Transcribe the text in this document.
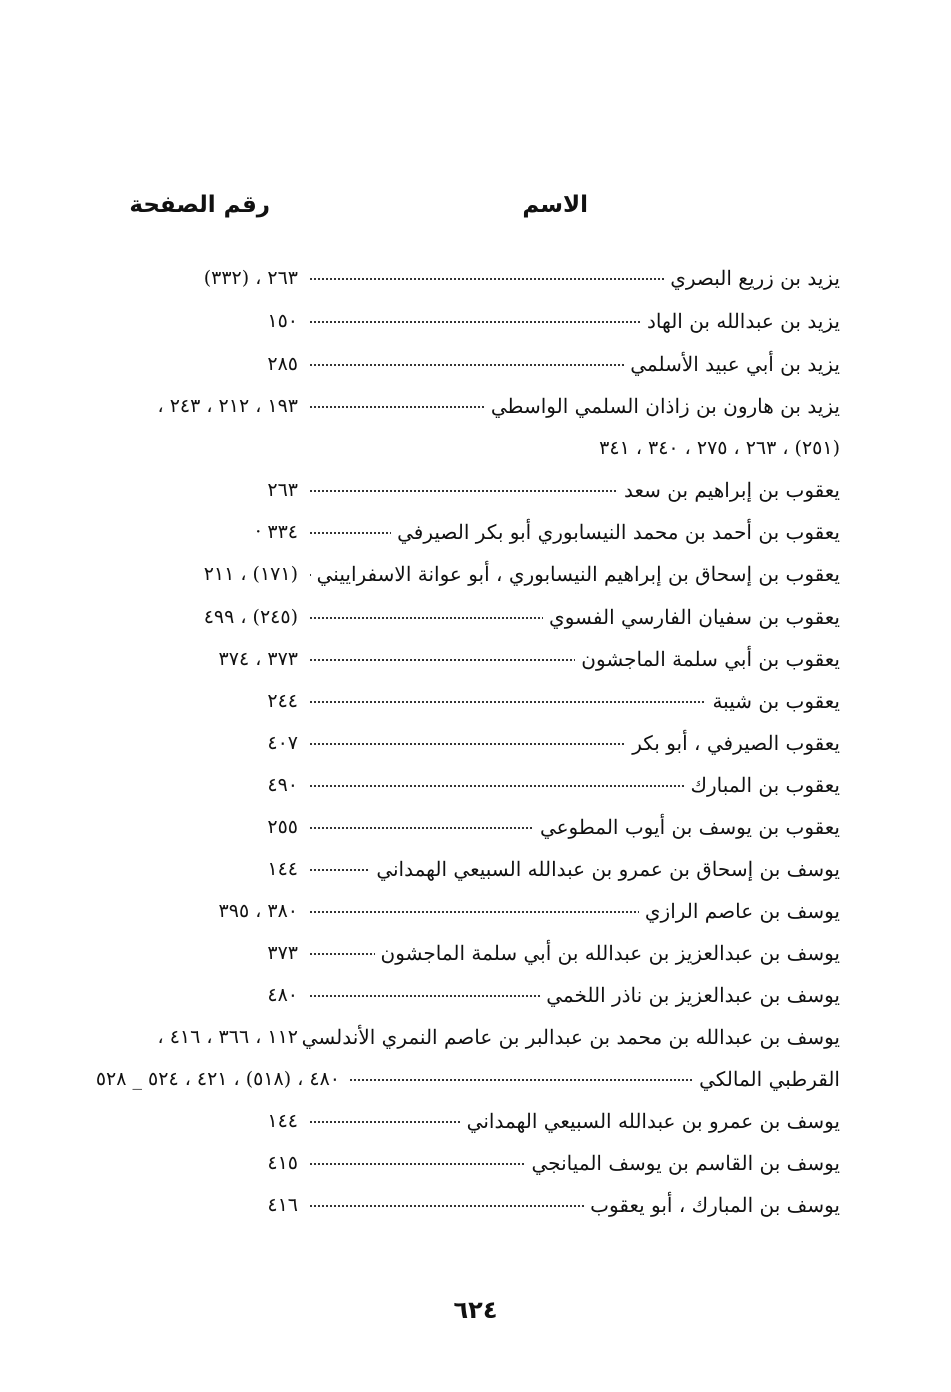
الاسم
رقم الصفحة
يزيد بن زريع البصري
٢٦٣ ، (٣٣٢)
يزيد بن عبدالله بن الهاد
١٥٠
يزيد بن أبي عبيد الأسلمي
٢٨٥
يزيد بن هارون بن زاذان السلمي الواسطي
١٩٣ ، ٢١٢ ، ٢٤٣ ،
(٢٥١) ، ٢٦٣ ، ٢٧٥ ، ٣٤٠ ، ٣٤١
يعقوب بن إبراهيم بن سعد
٢٦٣
يعقوب بن أحمد بن محمد النيسابوري أبو بكر الصيرفي
٣٣٤ ·
يعقوب بن إسحاق بن إبراهيم النيسابوري ، أبو عوانة الاسفراييني
(١٧١) ، ٢١١
يعقوب بن سفيان الفارسي الفسوي
(٢٤٥) ، ٤٩٩
يعقوب بن أبي سلمة الماجشون
٣٧٣ ، ٣٧٤
يعقوب بن شيبة
٢٤٤
يعقوب الصيرفي ، أبو بكر
٤٠٧
يعقوب بن المبارك
٤٩٠
يعقوب بن يوسف بن أيوب المطوعي
٢٥٥
يوسف بن إسحاق بن عمرو بن عبدالله السبيعي الهمداني
١٤٤
يوسف بن عاصم الرازي
٣٨٠ ، ٣٩٥
يوسف بن عبدالعزيز بن عبدالله بن أبي سلمة الماجشون
٣٧٣
يوسف بن عبدالعزيز بن ناذر اللخمي
٤٨٠
يوسف بن عبدالله بن محمد بن عبدالبر بن عاصم النمري الأندلسي
١١٢ ، ٣٦٦ ، ٤١٦ ،
القرطبي المالكي
٤٨٠ ، (٥١٨) ، ٤٢١ ، ٥٢٤ _ ٥٢٨
يوسف بن عمرو بن عبدالله السبيعي الهمداني
١٤٤
يوسف بن القاسم بن يوسف الميانجي
٤١٥
يوسف بن المبارك ، أبو يعقوب
٤١٦
٦٢٤
